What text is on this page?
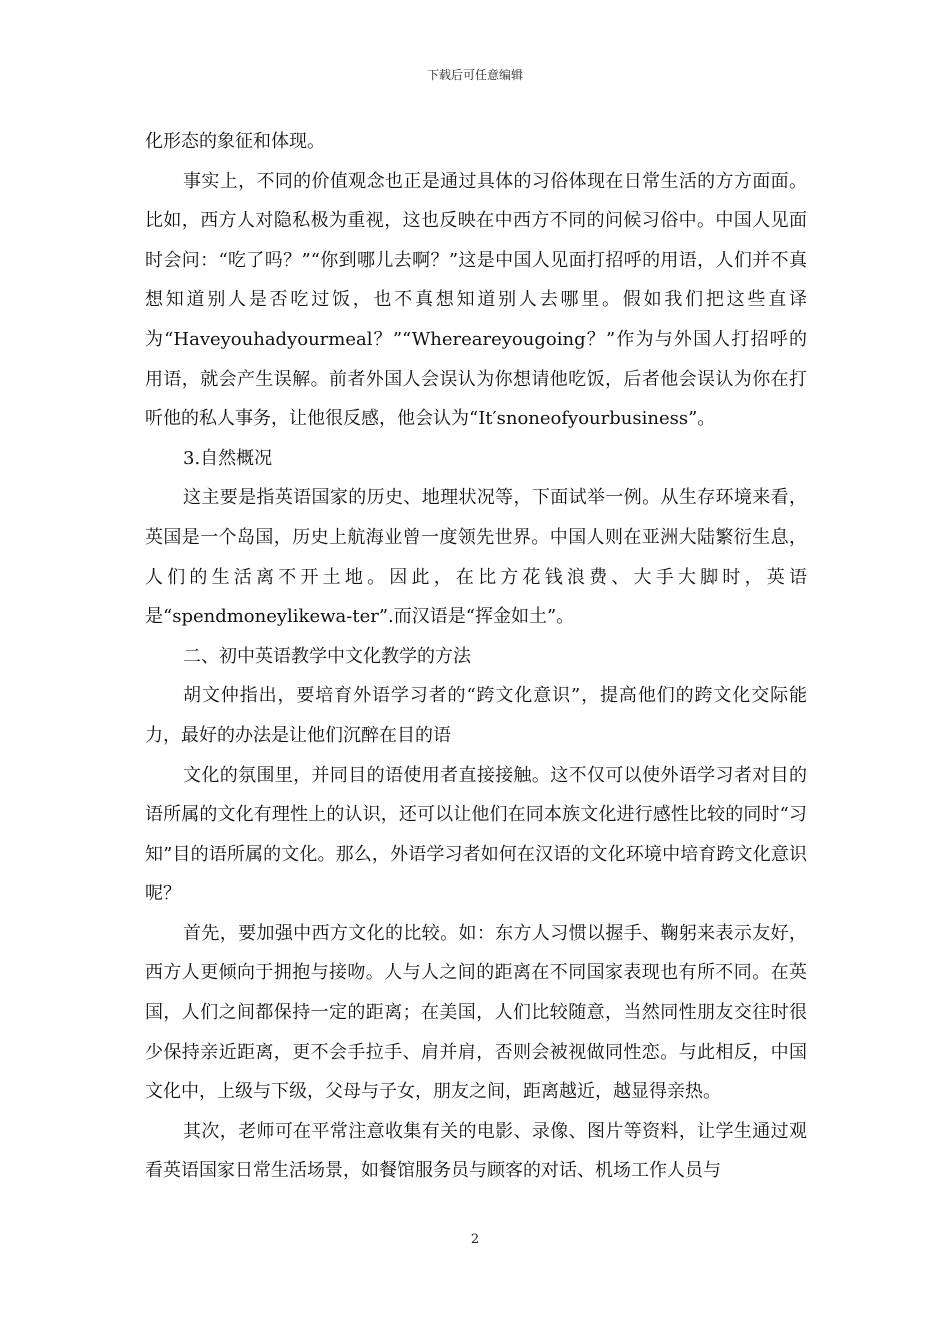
下载后可任意编辑

化形态的象征和体现。

事实上，不同的价值观念也正是通过具体的习俗体现在日常生活的方方面面。比如，西方人对隐私极为重视，这也反映在中西方不同的问候习俗中。中国人见面时会问：“吃了吗？”“你到哪儿去啊？”这是中国人见面打招呼的用语，人们并不真想知道别人是否吃过饭，也不真想知道别人去哪里。假如我们把这些直译为“Haveyouhadyourmeal？”“Whereareyougoing？”作为与外国人打招呼的用语，就会产生误解。前者外国人会误认为你想请他吃饭，后者他会误认为你在打听他的私人事务，让他很反感，他会认为“It′snoneofyourbusiness”。

3.自然概况

这主要是指英语国家的历史、地理状况等，下面试举一例。从生存环境来看，英国是一个岛国，历史上航海业曾一度领先世界。中国人则在亚洲大陆繁衍生息，人们的生活离不开土地。因此，在比方花钱浪费、大手大脚时，英语是“spendmoneylikewa-ter”.而汉语是“挥金如土”。

二、初中英语教学中文化教学的方法

胡文仲指出，要培育外语学习者的“跨文化意识”，提高他们的跨文化交际能力，最好的办法是让他们沉醉在目的语

文化的氛围里，并同目的语使用者直接接触。这不仅可以使外语学习者对目的语所属的文化有理性上的认识，还可以让他们在同本族文化进行感性比较的同时“习知”目的语所属的文化。那么，外语学习者如何在汉语的文化环境中培育跨文化意识呢？

首先，要加强中西方文化的比较。如：东方人习惯以握手、鞠躬来表示友好，西方人更倾向于拥抱与接吻。人与人之间的距离在不同国家表现也有所不同。在英国，人们之间都保持一定的距离；在美国，人们比较随意，当然同性朋友交往时很少保持亲近距离，更不会手拉手、肩并肩，否则会被视做同性恋。与此相反，中国文化中，上级与下级，父母与子女，朋友之间，距离越近，越显得亲热。

其次，老师可在平常注意收集有关的电影、录像、图片等资料，让学生通过观看英语国家日常生活场景，如餐馆服务员与顾客的对话、机场工作人员与

2
